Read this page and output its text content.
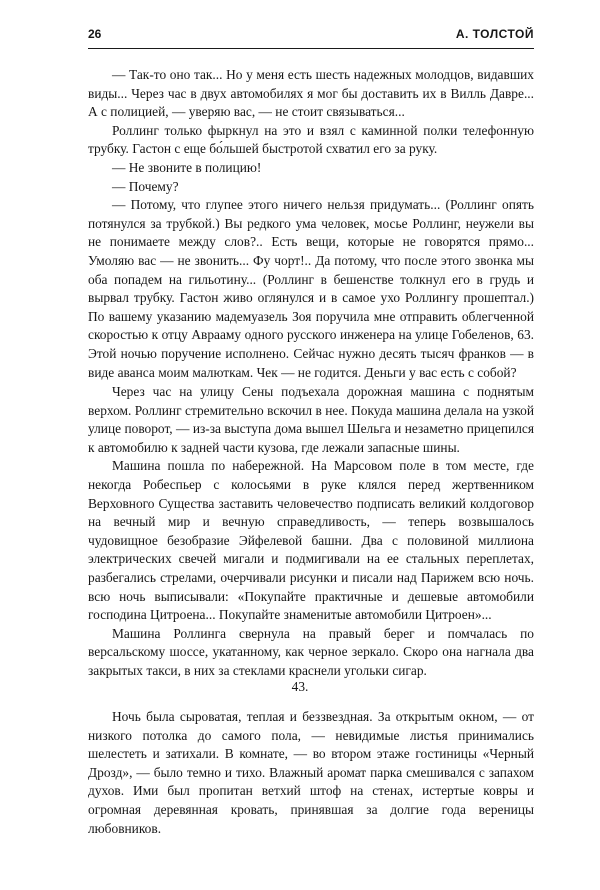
26	А. ТОЛСТОЙ

— Так-то оно так... Но у меня есть шесть надежных молодцов, видавших виды... Через час в двух автомобилях я мог бы доставить их в Вилль Давре... А с полицией, — уверяю вас, — не стоит связываться...

Роллинг только фыркнул на это и взял с каминной полки телефонную трубку. Гастон с еще бо́льшей быстротой схватил его за руку.

— Не звоните в полицию!

— Почему?

— Потому, что глупее этого ничего нельзя придумать... (Роллинг опять потянулся за трубкой.) Вы редкого ума человек, мосье Роллинг, неужели вы не понимаете между слов?.. Есть вещи, которые не говорятся прямо... Умоляю вас — не звонить... Фу чорт!.. Да потому, что после этого звонка мы оба попадем на гильотину... (Роллинг в бешенстве толкнул его в грудь и вырвал трубку. Гастон живо оглянулся и в самое ухо Роллингу прошептал.) По вашему указанию мадемуазель Зоя поручила мне отправить облегченной скоростью к отцу Аврааму одного русского инженера на улице Гобеленов, 63. Этой ночью поручение исполнено. Сейчас нужно десять тысяч франков — в виде аванса моим малюткам. Чек — не годится. Деньги у вас есть с собой?

Через час на улицу Сены подъехала дорожная машина с поднятым верхом. Роллинг стремительно вскочил в нее. Покуда машина делала на узкой улице поворот, — из-за выступа дома вышел Шельга и незаметно прицепился к автомобилю к задней части кузова, где лежали запасные шины.

Машина пошла по набережной. На Марсовом поле в том месте, где некогда Робеспьер с колосьями в руке клялся перед жертвенником Верховного Существа заставить человечество подписать великий колдоговор на вечный мир и вечную справедливость, — теперь возвышалось чудовищное безобразие Эйфелевой башни. Два с половиной миллиона электрических свечей мигали и подмигивали на ее стальных переплетах, разбегались стрелами, очерчивали рисунки и писали над Парижем всю ночь. всю ночь выписывали: «Покупайте практичные и дешевые автомобили господина Цитроена... Покупайте знаменитые автомобили Цитроен»...

Машина Роллинга свернула на правый берег и помчалась по версальскому шоссе, укатанному, как черное зеркало. Скоро она нагнала два закрытых такси, в них за стеклами краснели угольки сигар.

43.

Ночь была сыроватая, теплая и беззвездная. За открытым окном, — от низкого потолка до самого пола, — невидимые листья принимались шелестеть и затихали. В комнате, — во втором этаже гостиницы «Черный Дрозд», — было темно и тихо. Влажный аромат парка смешивался с запахом духов. Ими был пропитан ветхий штоф на стенах, истертые ковры и огромная деревянная кровать, принявшая за долгие года вереницы любовников.
